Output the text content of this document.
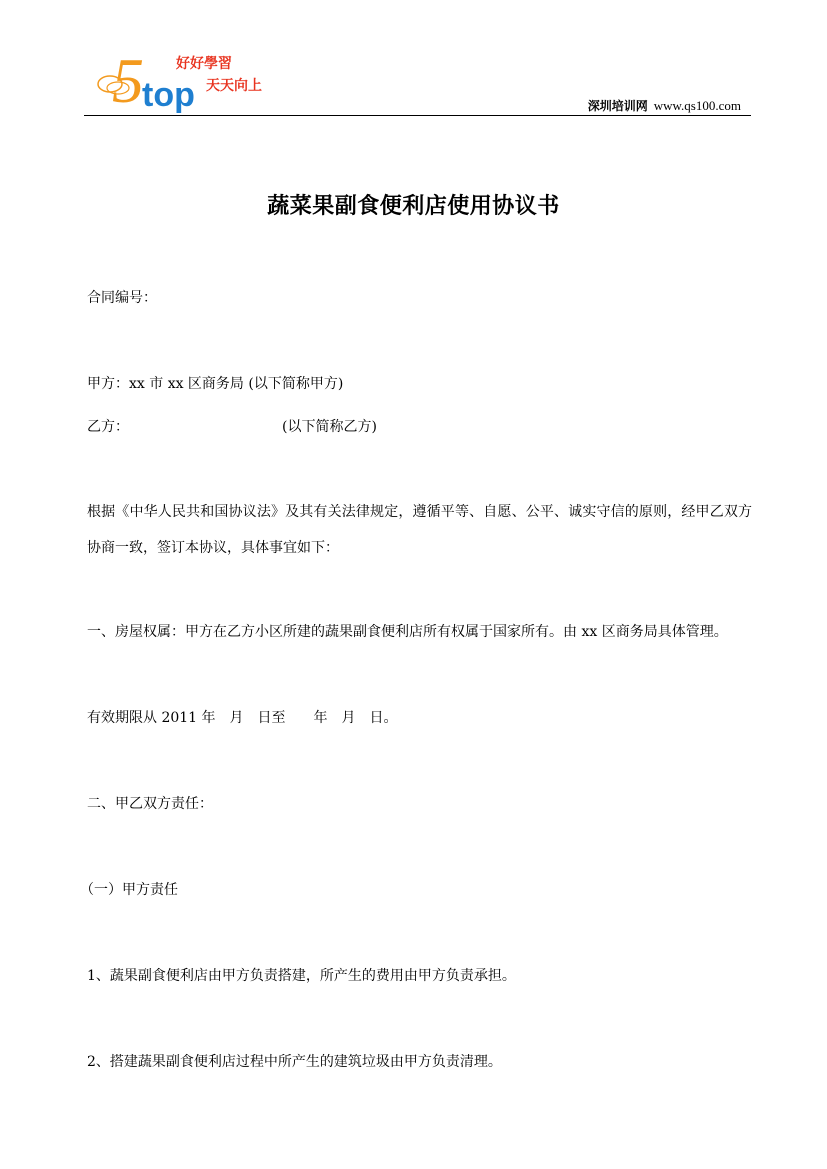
5
top
好好學習
天天向上
深圳培训网 www.qs100.com
蔬菜果副食便利店使用协议书
合同编号：
甲方：xx 市 xx 区商务局 (以下简称甲方)
乙方：	(以下简称乙方)
根据《中华人民共和国协议法》及其有关法律规定，遵循平等、自愿、公平、诚实守信的原则，经甲乙双方协商一致，签订本协议，具体事宜如下：
一、房屋权属：甲方在乙方小区所建的蔬果副食便利店所有权属于国家所有。由 xx 区商务局具体管理。
有效期限从 2011 年 月 日至 年 月 日。
二、甲乙双方责任：
（一）甲方责任
1、蔬果副食便利店由甲方负责搭建，所产生的费用由甲方负责承担。
2、搭建蔬果副食便利店过程中所产生的建筑垃圾由甲方负责清理。
